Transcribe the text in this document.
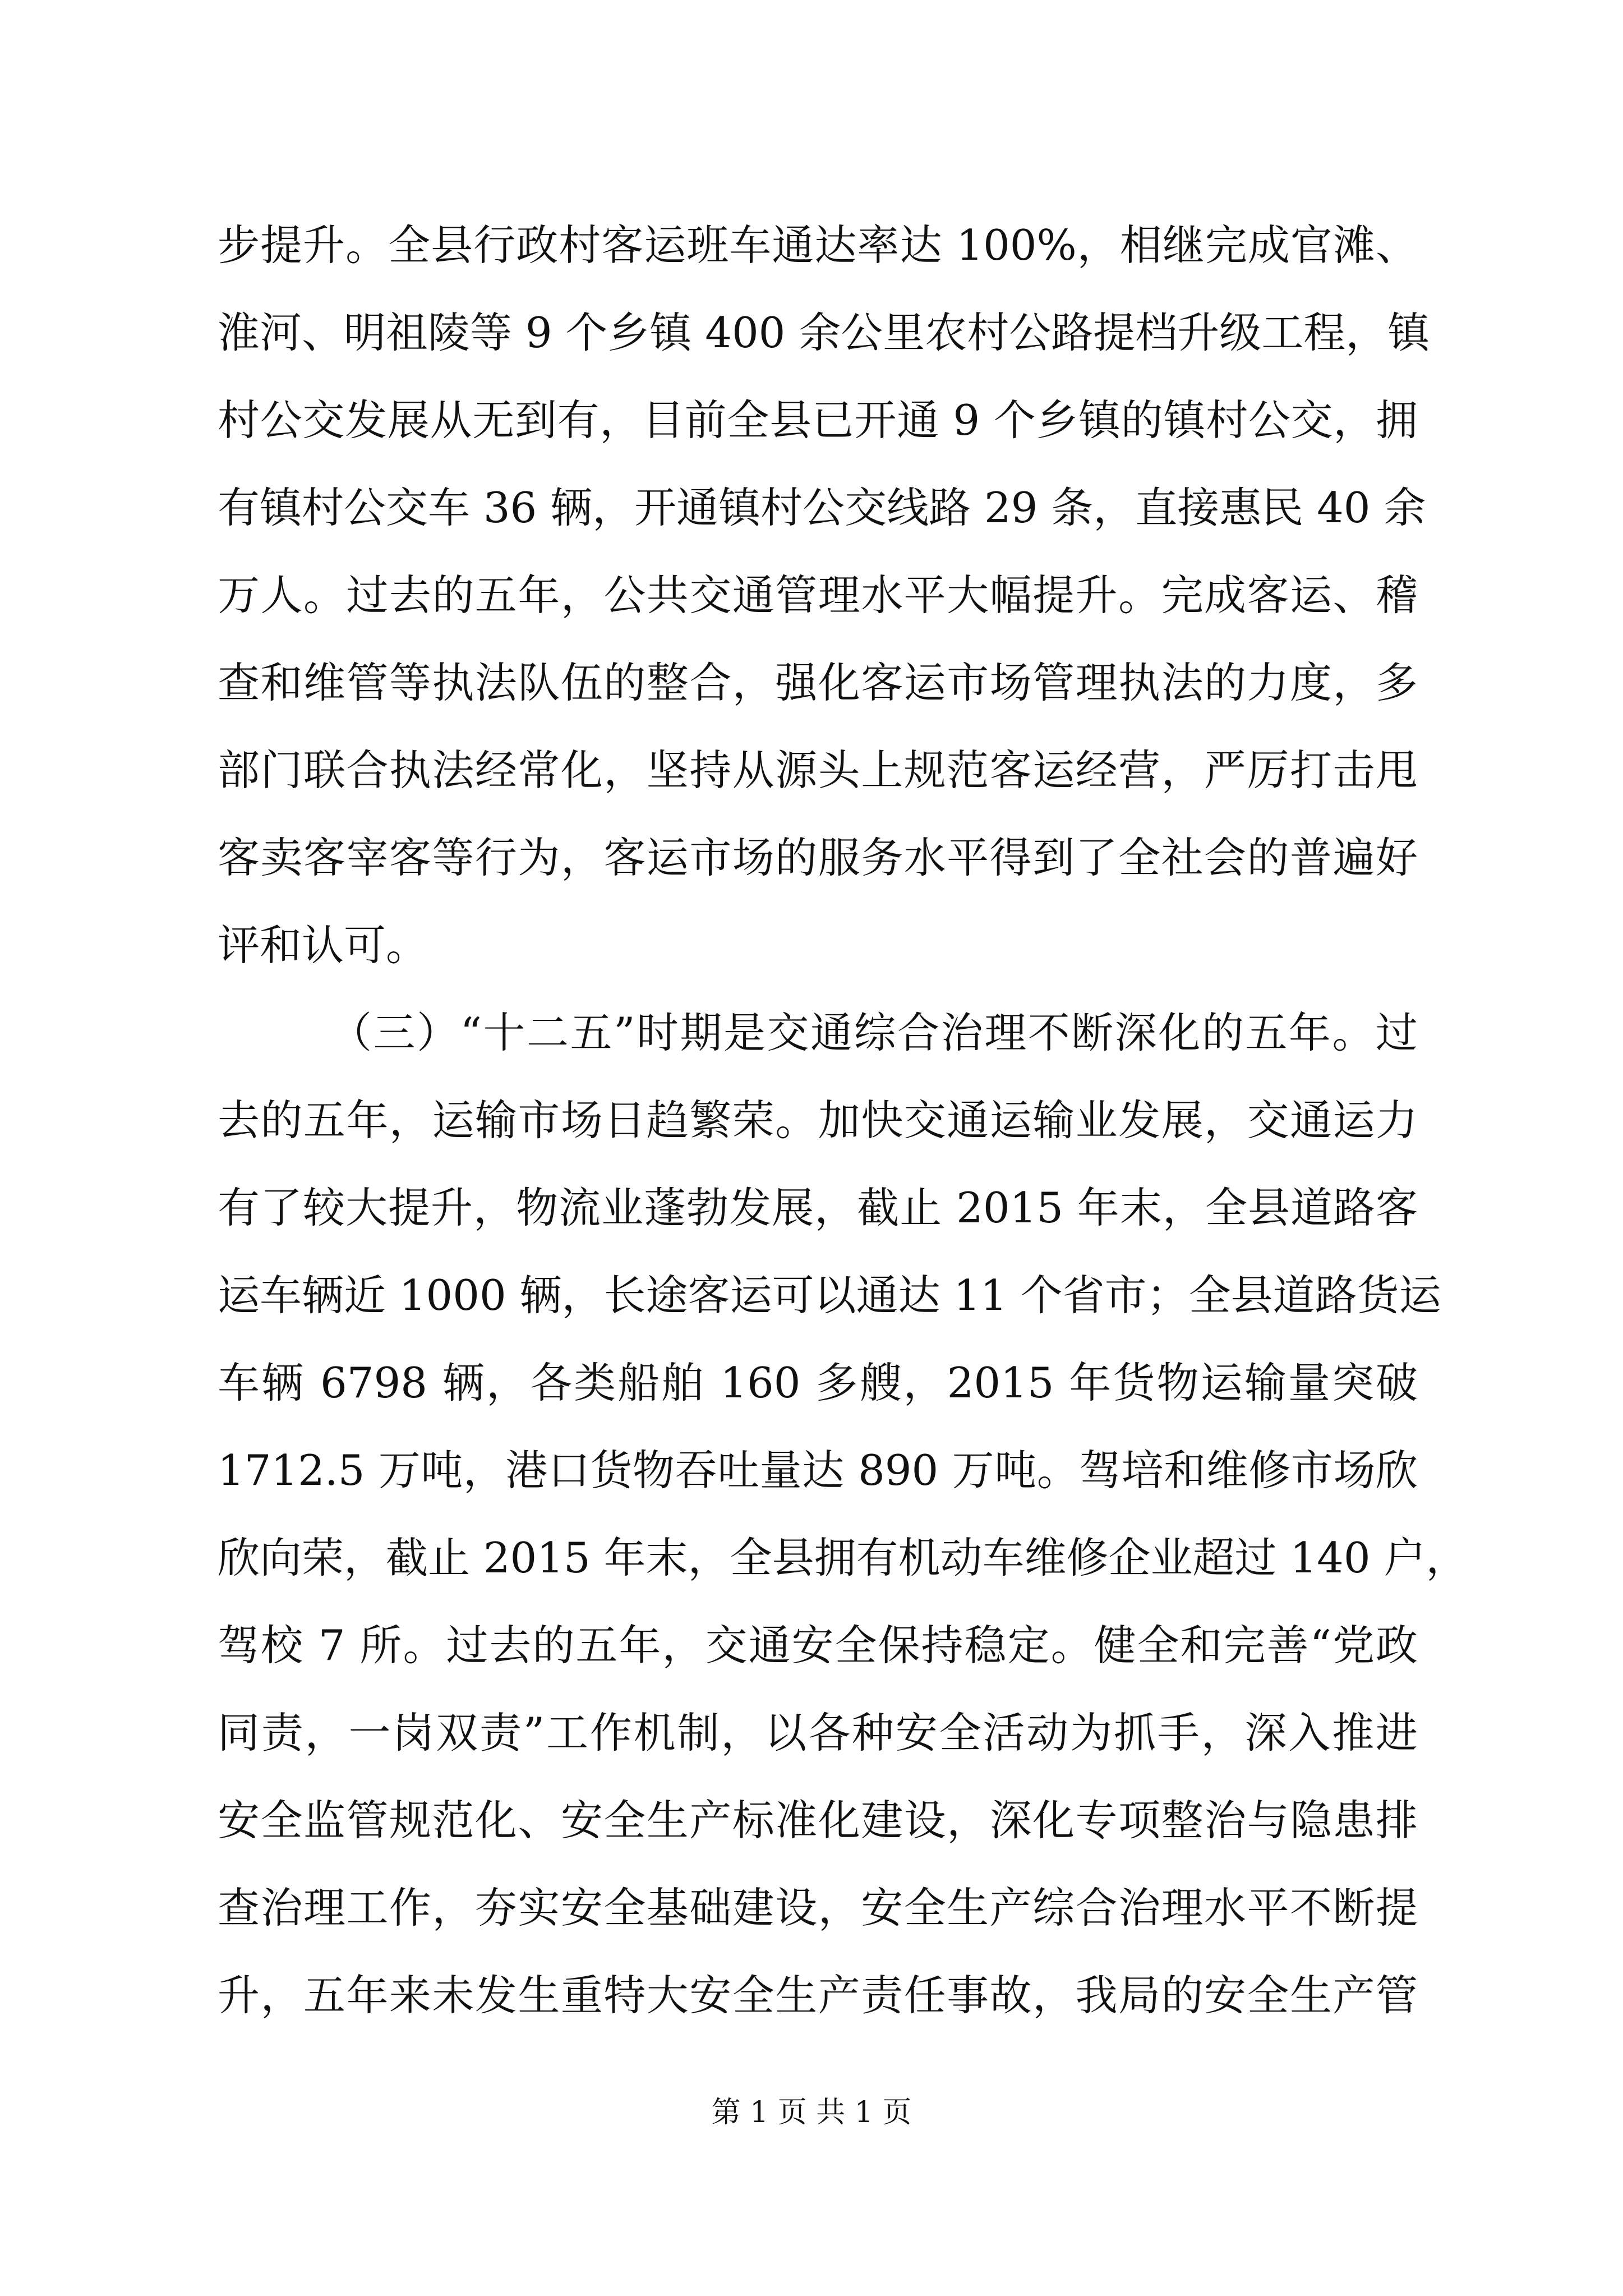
步提升。全县行政村客运班车通达率达 100%，相继完成官滩、
淮河、明祖陵等 9 个乡镇 400 余公里农村公路提档升级工程，镇
村公交发展从无到有，目前全县已开通 9 个乡镇的镇村公交，拥
有镇村公交车 36 辆，开通镇村公交线路 29 条，直接惠民 40 余
万人。过去的五年，公共交通管理水平大幅提升。完成客运、稽
查和维管等执法队伍的整合，强化客运市场管理执法的力度，多
部门联合执法经常化，坚持从源头上规范客运经营，严厉打击甩
客卖客宰客等行为，客运市场的服务水平得到了全社会的普遍好
评和认可。
（三）“十二五”时期是交通综合治理不断深化的五年。过
去的五年，运输市场日趋繁荣。加快交通运输业发展，交通运力
有了较大提升，物流业蓬勃发展，截止 2015 年末，全县道路客
运车辆近 1000 辆，长途客运可以通达 11 个省市；全县道路货运
车辆 6798 辆，各类船舶 160 多艘，2015 年货物运输量突破
1712.5 万吨，港口货物吞吐量达 890 万吨。驾培和维修市场欣
欣向荣，截止 2015 年末，全县拥有机动车维修企业超过 140 户，
驾校 7 所。过去的五年，交通安全保持稳定。健全和完善“党政
同责，一岗双责”工作机制，以各种安全活动为抓手，深入推进
安全监管规范化、安全生产标准化建设，深化专项整治与隐患排
查治理工作，夯实安全基础建设，安全生产综合治理水平不断提
升，五年来未发生重特大安全生产责任事故，我局的安全生产管
第 1 页 共 1 页
